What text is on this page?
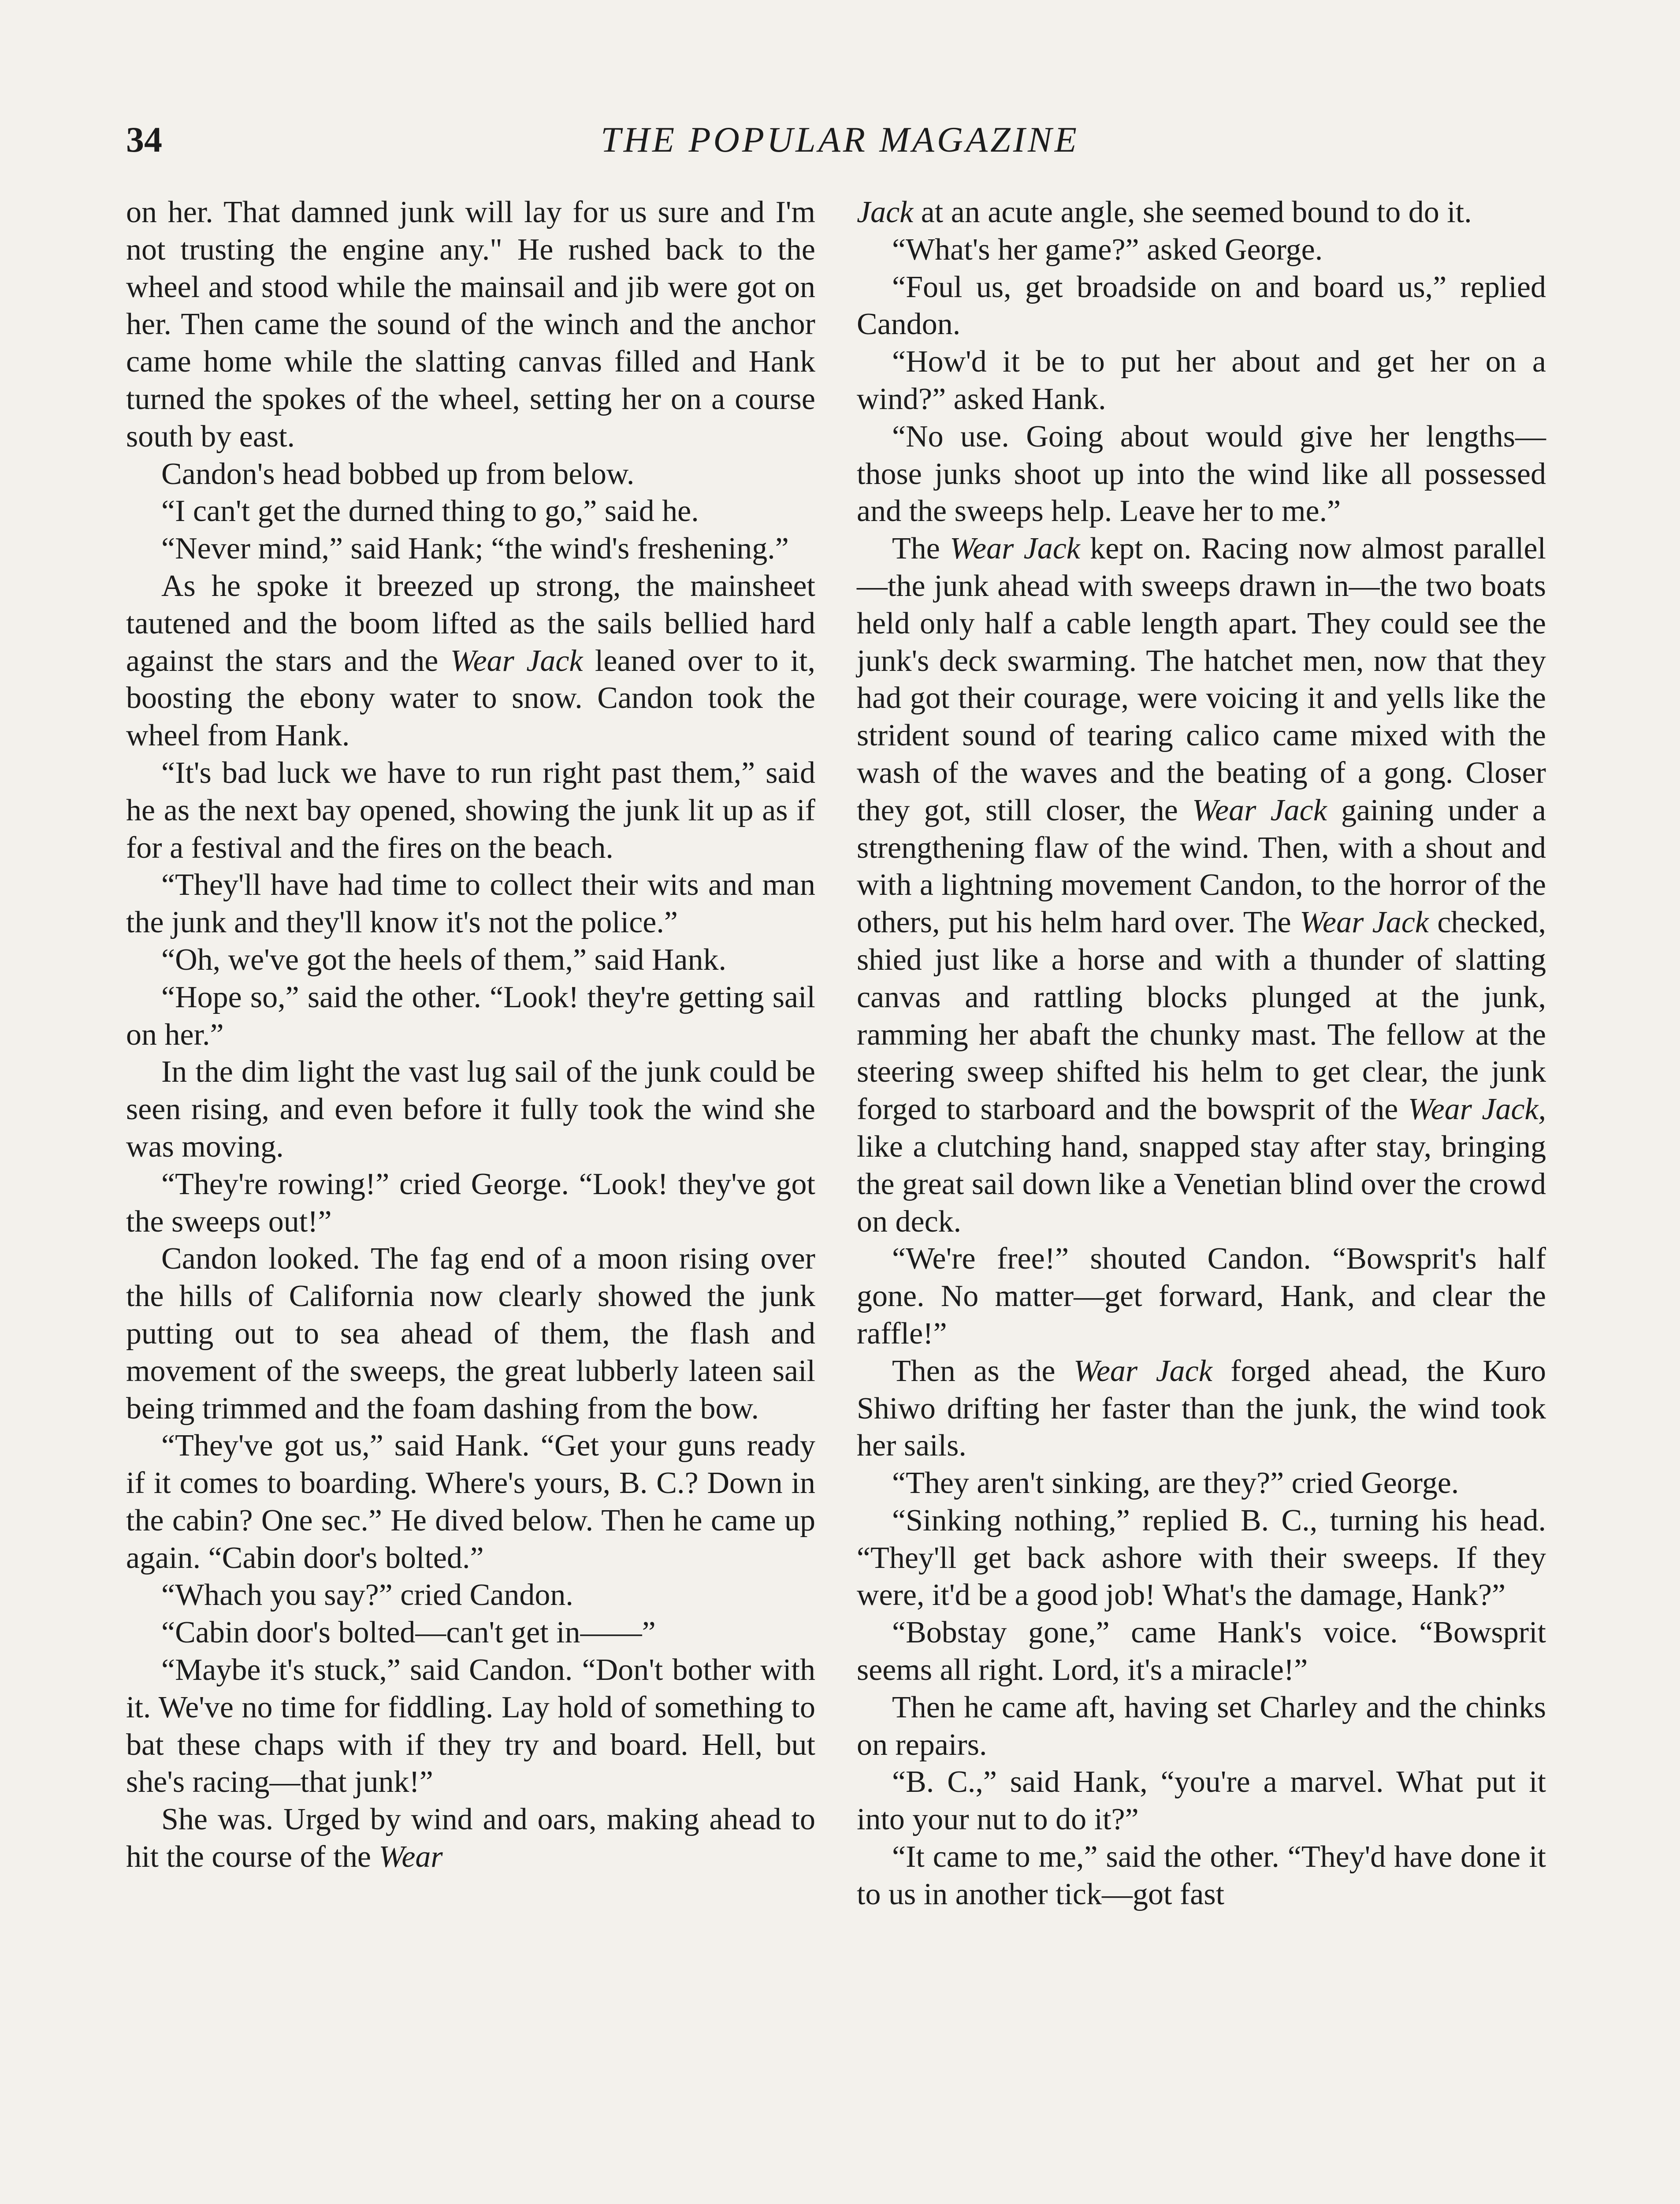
34	THE POPULAR MAGAZINE

on her. That damned junk will lay for us sure and I'm not trusting the engine any." He rushed back to the wheel and stood while the mainsail and jib were got on her. Then came the sound of the winch and the anchor came home while the slatting canvas filled and Hank turned the spokes of the wheel, setting her on a course south by east.

Candon's head bobbed up from below.

“I can't get the durned thing to go,” said he.

“Never mind,” said Hank; “the wind's freshening.”

As he spoke it breezed up strong, the mainsheet tautened and the boom lifted as the sails bellied hard against the stars and the Wear Jack leaned over to it, boosting the ebony water to snow. Candon took the wheel from Hank.

“It's bad luck we have to run right past them,” said he as the next bay opened, showing the junk lit up as if for a festival and the fires on the beach.

“They'll have had time to collect their wits and man the junk and they'll know it's not the police.”

“Oh, we've got the heels of them,” said Hank.

“Hope so,” said the other. “Look! they're getting sail on her.”

In the dim light the vast lug sail of the junk could be seen rising, and even before it fully took the wind she was moving.

“They're rowing!” cried George. “Look! they've got the sweeps out!”

Candon looked. The fag end of a moon rising over the hills of California now clearly showed the junk putting out to sea ahead of them, the flash and movement of the sweeps, the great lubberly lateen sail being trimmed and the foam dashing from the bow.

“They've got us,” said Hank. “Get your guns ready if it comes to boarding. Where's yours, B. C.? Down in the cabin? One sec.” He dived below. Then he came up again. “Cabin door's bolted.”

“Whach you say?” cried Candon.

“Cabin door's bolted—can't get in——”

“Maybe it's stuck,” said Candon. “Don't bother with it. We've no time for fiddling. Lay hold of something to bat these chaps with if they try and board. Hell, but she's racing—that junk!”

She was. Urged by wind and oars, making ahead to hit the course of the Wear

Jack at an acute angle, she seemed bound to do it.

“What's her game?” asked George.

“Foul us, get broadside on and board us,” replied Candon.

“How'd it be to put her about and get her on a wind?” asked Hank.

“No use. Going about would give her lengths—those junks shoot up into the wind like all possessed and the sweeps help. Leave her to me.”

The Wear Jack kept on. Racing now almost parallel—the junk ahead with sweeps drawn in—the two boats held only half a cable length apart. They could see the junk's deck swarming. The hatchet men, now that they had got their courage, were voicing it and yells like the strident sound of tearing calico came mixed with the wash of the waves and the beating of a gong. Closer they got, still closer, the Wear Jack gaining under a strengthening flaw of the wind. Then, with a shout and with a lightning movement Candon, to the horror of the others, put his helm hard over. The Wear Jack checked, shied just like a horse and with a thunder of slatting canvas and rattling blocks plunged at the junk, ramming her abaft the chunky mast. The fellow at the steering sweep shifted his helm to get clear, the junk forged to starboard and the bowsprit of the Wear Jack, like a clutching hand, snapped stay after stay, bringing the great sail down like a Venetian blind over the crowd on deck.

“We're free!” shouted Candon. “Bowsprit's half gone. No matter—get forward, Hank, and clear the raffle!”

Then as the Wear Jack forged ahead, the Kuro Shiwo drifting her faster than the junk, the wind took her sails.

“They aren't sinking, are they?” cried George.

“Sinking nothing,” replied B. C., turning his head. “They'll get back ashore with their sweeps. If they were, it'd be a good job! What's the damage, Hank?”

“Bobstay gone,” came Hank's voice. “Bowsprit seems all right. Lord, it's a miracle!”

Then he came aft, having set Charley and the chinks on repairs.

“B. C.,” said Hank, “you're a marvel. What put it into your nut to do it?”

“It came to me,” said the other. “They'd have done it to us in another tick—got fast
